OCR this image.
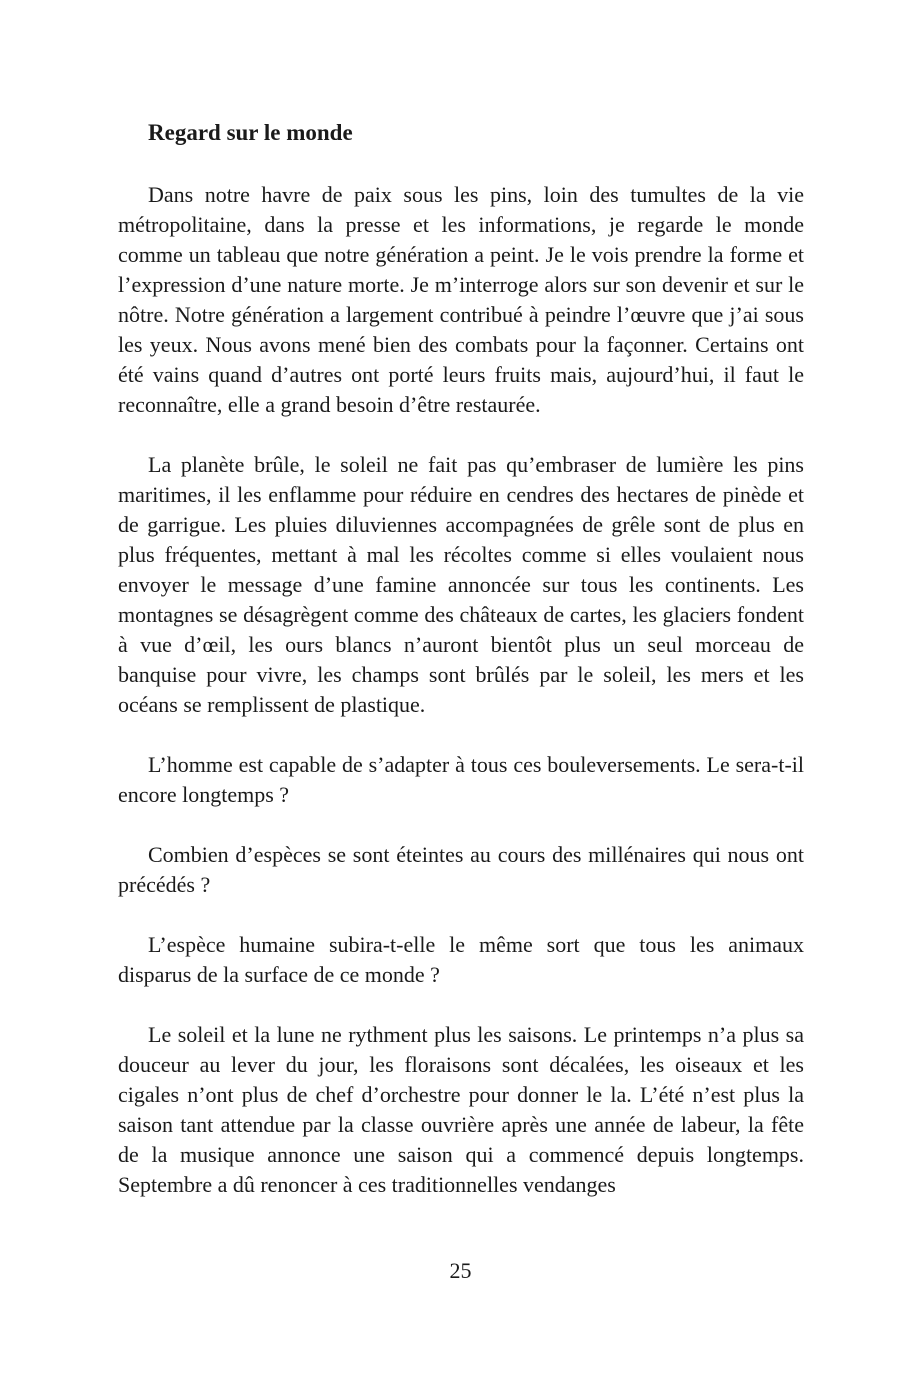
Regard sur le monde

Dans notre havre de paix sous les pins, loin des tumultes de la vie métropolitaine, dans la presse et les informations, je regarde le monde comme un tableau que notre génération a peint. Je le vois prendre la forme et l’expression d’une nature morte. Je m’interroge alors sur son devenir et sur le nôtre. Notre génération a largement contribué à peindre l’œuvre que j’ai sous les yeux. Nous avons mené bien des combats pour la façonner. Certains ont été vains quand d’autres ont porté leurs fruits mais, aujourd’hui, il faut le reconnaître, elle a grand besoin d’être restaurée.

La planète brûle, le soleil ne fait pas qu’embraser de lumière les pins maritimes, il les enflamme pour réduire en cendres des hectares de pinède et de garrigue. Les pluies diluviennes accompagnées de grêle sont de plus en plus fréquentes, mettant à mal les récoltes comme si elles voulaient nous envoyer le message d’une famine annoncée sur tous les continents. Les montagnes se désagrègent comme des châteaux de cartes, les glaciers fondent à vue d’œil, les ours blancs n’auront bientôt plus un seul morceau de banquise pour vivre, les champs sont brûlés par le soleil, les mers et les océans se remplissent de plastique.

L’homme est capable de s’adapter à tous ces bouleversements. Le sera-t-il encore longtemps ?

Combien d’espèces se sont éteintes au cours des millénaires qui nous ont précédés ?

L’espèce humaine subira-t-elle le même sort que tous les animaux disparus de la surface de ce monde ?

Le soleil et la lune ne rythment plus les saisons. Le printemps n’a plus sa douceur au lever du jour, les floraisons sont décalées, les oiseaux et les cigales n’ont plus de chef d’orchestre pour donner le la. L’été n’est plus la saison tant attendue par la classe ouvrière après une année de labeur, la fête de la musique annonce une saison qui a commencé depuis longtemps. Septembre a dû renoncer à ces traditionnelles vendanges

25
